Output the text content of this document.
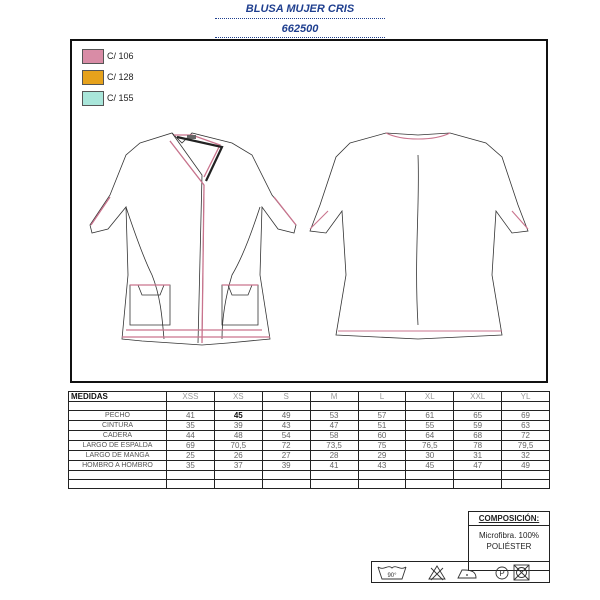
BLUSA MUJER CRIS
662500
C/ 106
C/ 128
C/ 155
MEDIDAS	XSS	XS	S	M	L	XL	XXL	YL

PECHO	41	45	49	53	57	61	65	69
CINTURA	35	39	43	47	51	55	59	63
CADERA	44	48	54	58	60	64	68	72
LARGO DE ESPALDA	69	70,5	72	73,5	75	76,5	78	79,5
LARGO DE MANGA	25	26	27	28	29	30	31	32
HOMBRO A HOMBRO	35	37	39	41	43	45	47	49

COMPOSICIÓN:
Microfibra. 100%
POLIÉSTER
90°	P
